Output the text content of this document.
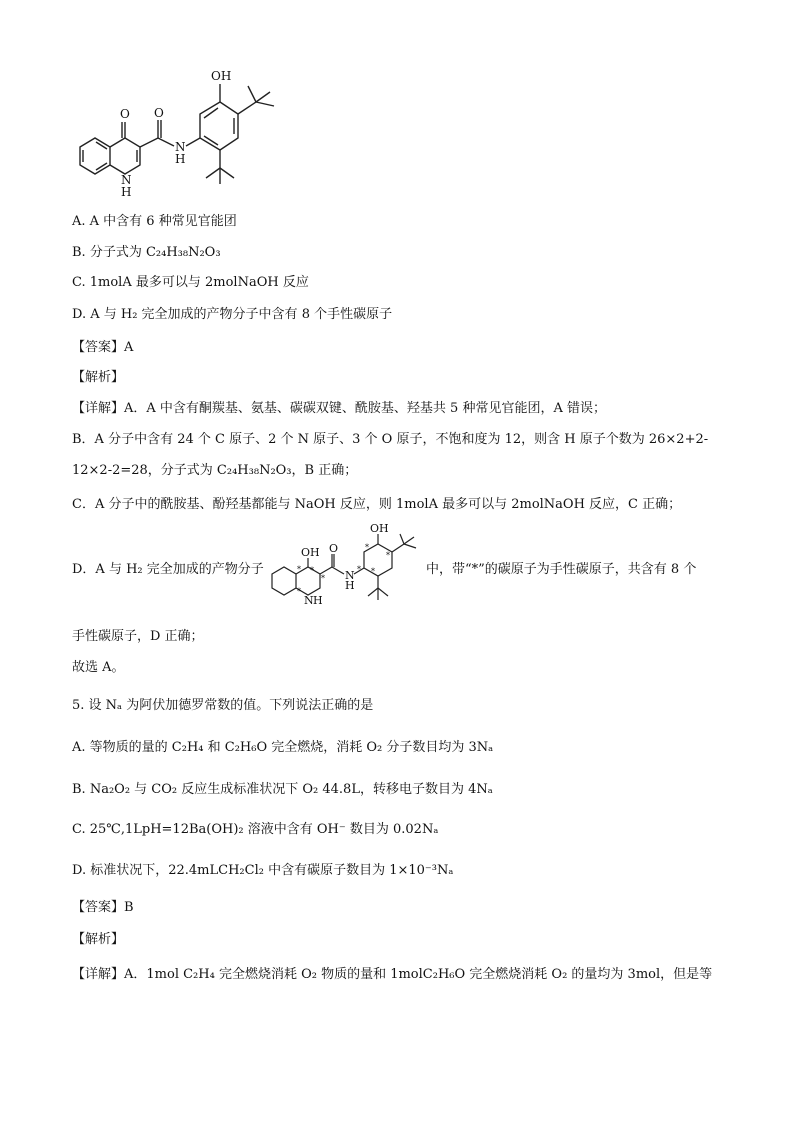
OH
O O
N
H
N
H
A. A 中含有 6 种常见官能团
B. 分子式为 C₂₄H₃₈N₂O₃
C. 1molA 最多可以与 2molNaOH 反应
D. A 与 H₂ 完全加成的产物分子中含有 8 个手性碳原子
【答案】A
【解析】
【详解】A．A 中含有酮羰基、氨基、碳碳双键、酰胺基、羟基共 5 种常见官能团，A 错误；
B．A 分子中含有 24 个 C 原子、2 个 N 原子、3 个 O 原子，不饱和度为 12，则含 H 原子个数为 26×2+2-
12×2-2=28，分子式为 C₂₄H₃₈N₂O₃，B 正确；
C．A 分子中的酰胺基、酚羟基都能与 NaOH 反应，则 1molA 最多可以与 2molNaOH 反应，C 正确；
D．A 与 H₂ 完全加成的产物分子
OH
OH
O
N
H
N H
*
*
*
*
*
*
*
*	中，带“*”的碳原子为手性碳原子，共含有 8 个
手性碳原子，D 正确；
故选 A。
5. 设 Nₐ 为阿伏加德罗常数的值。下列说法正确的是
A. 等物质的量的 C₂H₄ 和 C₂H₆O 完全燃烧，消耗 O₂ 分子数目均为 3Nₐ
B. Na₂O₂ 与 CO₂ 反应生成标准状况下 O₂ 44.8L，转移电子数目为 4Nₐ
C. 25℃,1LpH=12Ba(OH)₂ 溶液中含有 OH⁻ 数目为 0.02Nₐ
D. 标准状况下，22.4mLCH₂Cl₂ 中含有碳原子数目为 1×10⁻³Nₐ
【答案】B
【解析】
【详解】A．1mol C₂H₄ 完全燃烧消耗 O₂ 物质的量和 1molC₂H₆O 完全燃烧消耗 O₂ 的量均为 3mol，但是等
